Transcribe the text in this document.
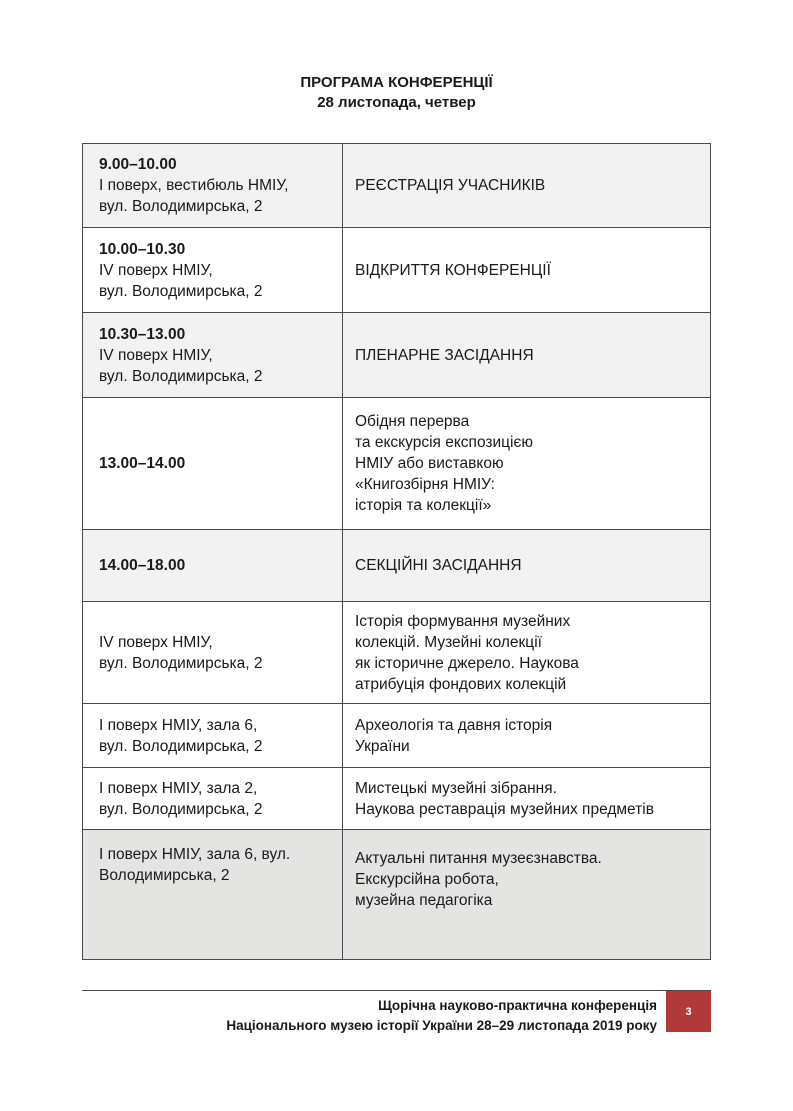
ПРОГРАМА КОНФЕРЕНЦІЇ
28 листопада, четвер
9.00–10.00
І поверх, вестибюль НМІУ,
вул. Володимирська, 2	РЕЄСТРАЦІЯ УЧАСНИКІВ

10.00–10.30
ІV поверх НМІУ,
вул. Володимирська, 2	ВІДКРИТТЯ КОНФЕРЕНЦІЇ

10.30–13.00
ІV поверх НМІУ,
вул. Володимирська, 2	ПЛЕНАРНЕ ЗАСІДАННЯ

13.00–14.00	Обідня перерва
та екскурсія експозицією
НМІУ або виставкою
«Книгозбірня НМІУ:
історія та колекції»

14.00–18.00	СЕКЦІЙНІ ЗАСІДАННЯ

ІV поверх НМІУ,
вул. Володимирська, 2	Історія формування музейних
колекцій. Музейні колекції
як історичне джерело. Наукова
атрибуція фондових колекцій

І поверх НМІУ, зала 6,
вул. Володимирська, 2	Археологія та давня історія
України

І поверх НМІУ, зала 2,
вул. Володимирська, 2	Мистецькі музейні зібрання.
Наукова реставрація музейних предметів

І поверх НМІУ, зала 6, вул.
Володимирська, 2	Актуальні питання музеєзнавства.
Екскурсійна робота,
музейна педагогіка
Щорічна науково-практична конференція
Національного музею історії України 28–29 листопада 2019 року
3
